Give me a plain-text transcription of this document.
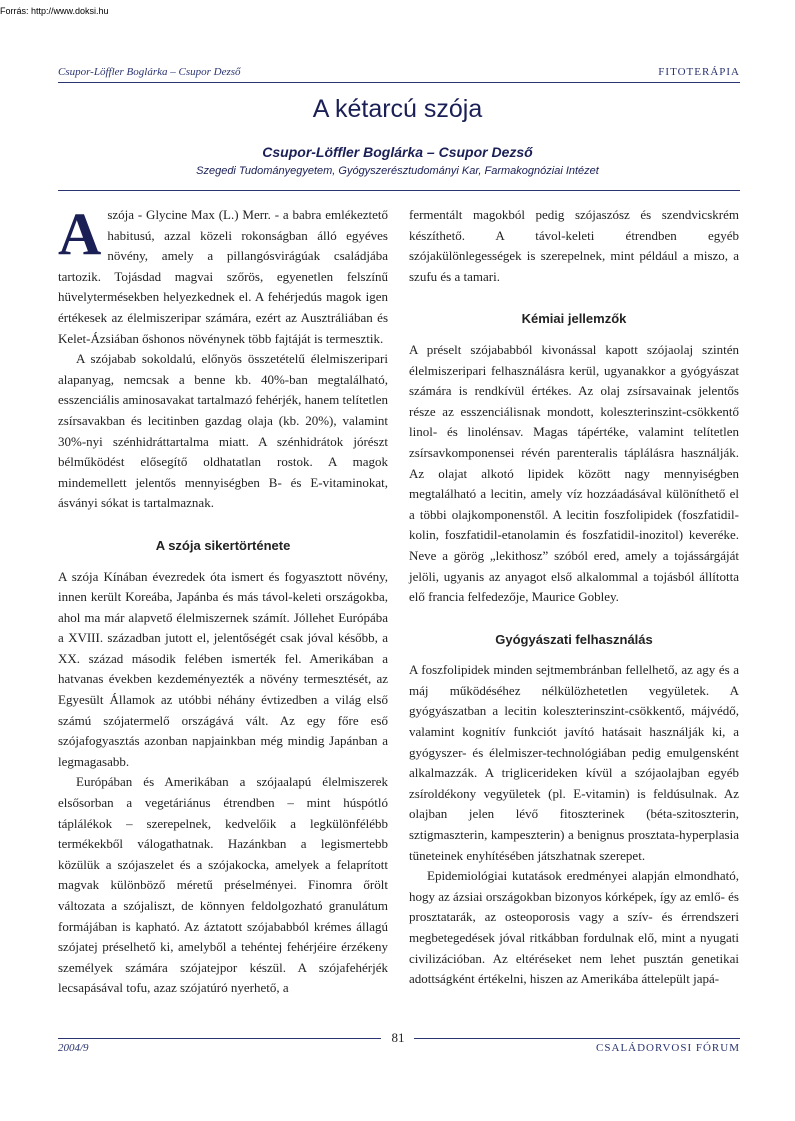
Forrás: http://www.doksi.hu
Csupor-Löffler Boglárka – Csupor Dezső	FITOTERÁPIA
A kétarcú szója
Csupor-Löffler Boglárka – Csupor Dezső
Szegedi Tudományegyetem, Gyógyszerésztudományi Kar, Farmakognóziai Intézet

Aszója - Glycine Max (L.) Merr. - a babra emlékeztető habitusú, azzal közeli rokonságban álló egyéves növény, amely a pillangósvirágúak családjába tartozik. Tojásdad magvai szőrös, egyenetlen felszínű hüvelytermésekben helyezkednek el. A fehérjedús magok igen értékesek az élelmiszeripar számára, ezért az Ausztráliában és Kelet-Ázsiában őshonos növénynek több fajtáját is termesztik.

A szójabab sokoldalú, előnyös összetételű élelmiszeripari alapanyag, nemcsak a benne kb. 40%-ban megtalálható, esszenciális aminosavakat tartalmazó fehérjék, hanem telítetlen zsírsavakban és lecitinben gazdag olaja (kb. 20%), valamint 30%-nyi szénhidráttartalma miatt. A szénhidrátok jórészt bélműködést elősegítő oldhatatlan rostok. A magok mindemellett jelentős mennyiségben B- és E-vitaminokat, ásványi sókat is tartalmaznak.

A szója sikertörténete

A szója Kínában évezredek óta ismert és fogyasztott növény, innen került Koreába, Japánba és más távol-keleti országokba, ahol ma már alapvető élelmiszernek számít. Jóllehet Európába a XVIII. században jutott el, jelentőségét csak jóval később, a XX. század második felében ismerték fel. Amerikában a hatvanas években kezdeményezték a növény termesztését, az Egyesült Államok az utóbbi néhány évtizedben a világ első számú szójatermelő országává vált. Az egy főre eső szójafogyasztás azonban napjainkban még mindig Japánban a legmagasabb.

Európában és Amerikában a szójaalapú élelmiszerek elsősorban a vegetáriánus étrendben – mint húspótló táplálékok – szerepelnek, kedvelőik a legkülönfélébb termékekből válogathatnak. Hazánkban a legismertebb közülük a szójaszelet és a szójakocka, amelyek a felaprított magvak különböző méretű préselményei. Finomra őrölt változata a szójaliszt, de könnyen feldolgozható granulátum formájában is kapható. Az áztatott szójababból krémes állagú szójatej préselhető ki, amelyből a tehéntej fehérjéire érzékeny személyek számára szójatejpor készül. A szójafehérjék lecsapásával tofu, azaz szójatúró nyerhető, a

fermentált magokból pedig szójaszósz és szendvicskrém készíthető. A távol-keleti étrendben egyéb szójakülönlegességek is szerepelnek, mint például a miszo, a szufu és a tamari.

Kémiai jellemzők

A préselt szójababból kivonással kapott szójaolaj szintén élelmiszeripari felhasználásra kerül, ugyanakkor a gyógyászat számára is rendkívül értékes. Az olaj zsírsavainak jelentős része az esszenciálisnak mondott, koleszterinszint-csökkentő linol- és linolénsav. Magas tápértéke, valamint telítetlen zsírsavkomponensei révén parenteralis táplálásra használják. Az olajat alkotó lipidek között nagy mennyiségben megtalálható a lecitin, amely víz hozzáadásával különíthető el a többi olajkomponenstől. A lecitin foszfolipidek (foszfatidil-kolin, foszfatidil-etanolamin és foszfatidil-inozitol) keveréke. Neve a görög „lekithosz” szóból ered, amely a tojássárgáját jelöli, ugyanis az anyagot első alkalommal a tojásból állította elő francia felfedezője, Maurice Gobley.

Gyógyászati felhasználás

A foszfolipidek minden sejtmembránban fellelhető, az agy és a máj működéséhez nélkülözhetetlen vegyületek. A gyógyászatban a lecitin koleszterinszint-csökkentő, májvédő, valamint kognitív funkciót javító hatásait használják ki, a gyógyszer- és élelmiszer-technológiában pedig emulgensként alkalmazzák. A triglicerideken kívül a szójaolajban egyéb zsíroldékony vegyületek (pl. E-vitamin) is feldúsulnak. Az olajban jelen lévő fitoszterinek (béta-szitoszterin, sztigmaszterin, kampeszterin) a benignus prosztata-hyperplasia tüneteinek enyhítésében játszhatnak szerepet.

Epidemiológiai kutatások eredményei alapján elmondható, hogy az ázsiai országokban bizonyos kórképek, így az emlő- és prosztatarák, az osteoporosis vagy a szív- és érrendszeri megbetegedések jóval ritkábban fordulnak elő, mint a nyugati civilizációban. Az eltéréseket nem lehet pusztán genetikai adottságként értékelni, hiszen az Amerikába áttelepült japá-

81
2004/9	CSALÁDORVOSI FÓRUM
